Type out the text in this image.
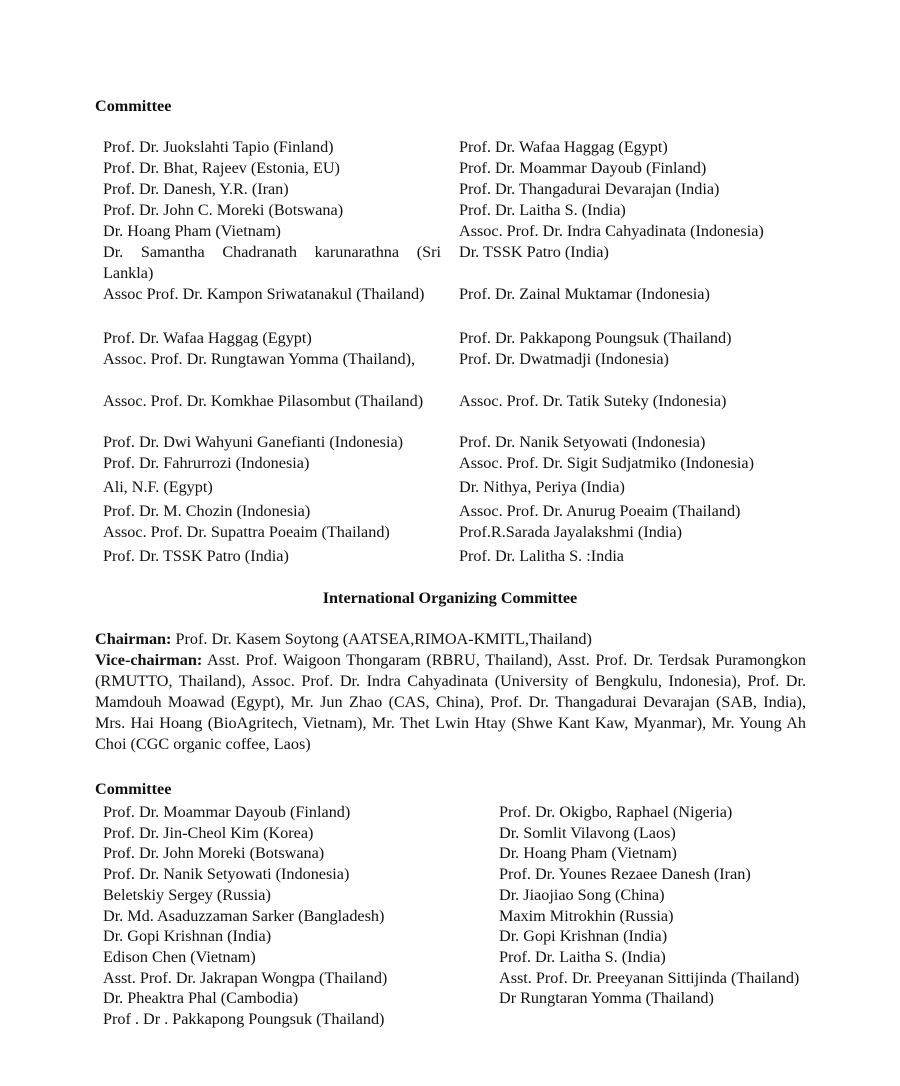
Committee
Prof. Dr. Juokslahti Tapio (Finland)
Prof. Dr. Bhat, Rajeev (Estonia, EU)
Prof. Dr. Danesh, Y.R. (Iran)
Prof. Dr. John C. Moreki (Botswana)
Dr. Hoang Pham (Vietnam)
Dr. Samantha Chadranath karunarathna (Sri Lankla)
Assoc Prof. Dr. Kampon Sriwatanakul (Thailand)
Prof. Dr. Wafaa Haggag (Egypt)
Assoc. Prof. Dr. Rungtawan Yomma (Thailand),
Assoc. Prof. Dr. Komkhae Pilasombut (Thailand)
Prof. Dr. Dwi Wahyuni Ganefianti (Indonesia)
Prof. Dr. Fahrurrozi (Indonesia)
Ali, N.F. (Egypt)
Prof. Dr. M. Chozin (Indonesia)
Assoc. Prof. Dr. Supattra Poeaim (Thailand)
Prof. Dr. TSSK Patro (India)
Prof. Dr. Wafaa Haggag (Egypt)
Prof. Dr. Moammar Dayoub (Finland)
Prof. Dr. Thangadurai Devarajan (India)
Prof. Dr. Laitha S. (India)
Assoc. Prof. Dr. Indra Cahyadinata (Indonesia)
Dr. TSSK Patro (India)
Prof. Dr. Zainal Muktamar (Indonesia)
Prof. Dr. Pakkapong Poungsuk (Thailand)
Prof. Dr. Dwatmadji (Indonesia)
Assoc. Prof. Dr. Tatik Suteky (Indonesia)
Prof. Dr. Nanik Setyowati (Indonesia)
Assoc. Prof. Dr. Sigit Sudjatmiko (Indonesia)
Dr. Nithya, Periya (India)
Assoc. Prof. Dr. Anurug Poeaim (Thailand)
Prof.R.Sarada Jayalakshmi (India)
Prof. Dr. Lalitha S. :India
International Organizing Committee
Chairman: Prof. Dr. Kasem Soytong (AATSEA,RIMOA-KMITL,Thailand)
Vice-chairman: Asst. Prof. Waigoon Thongaram (RBRU, Thailand), Asst. Prof. Dr. Terdsak Puramongkon (RMUTTO, Thailand), Assoc. Prof. Dr. Indra Cahyadinata (University of Bengkulu, Indonesia), Prof. Dr. Mamdouh Moawad (Egypt), Mr. Jun Zhao (CAS, China), Prof. Dr. Thangadurai Devarajan (SAB, India), Mrs. Hai Hoang (BioAgritech, Vietnam), Mr. Thet Lwin Htay (Shwe Kant Kaw, Myanmar), Mr. Young Ah Choi (CGC organic coffee, Laos)
Committee
Prof. Dr. Moammar Dayoub (Finland)
Prof. Dr. Jin-Cheol Kim (Korea)
Prof. Dr. John Moreki (Botswana)
Prof. Dr. Nanik Setyowati (Indonesia)
Beletskiy Sergey (Russia)
Dr. Md. Asaduzzaman Sarker (Bangladesh)
Dr. Gopi Krishnan (India)
Edison Chen (Vietnam)
Asst. Prof. Dr. Jakrapan Wongpa (Thailand)
Dr. Pheaktra Phal (Cambodia)
Prof . Dr . Pakkapong Poungsuk (Thailand)
Prof. Dr. Okigbo, Raphael (Nigeria)
Dr. Somlit Vilavong (Laos)
Dr. Hoang Pham (Vietnam)
Prof. Dr. Younes Rezaee Danesh (Iran)
Dr. Jiaojiao Song (China)
Maxim Mitrokhin (Russia)
Dr. Gopi Krishnan (India)
Prof. Dr. Laitha S. (India)
Asst. Prof. Dr. Preeyanan Sittijinda (Thailand)
Dr Rungtaran Yomma (Thailand)
